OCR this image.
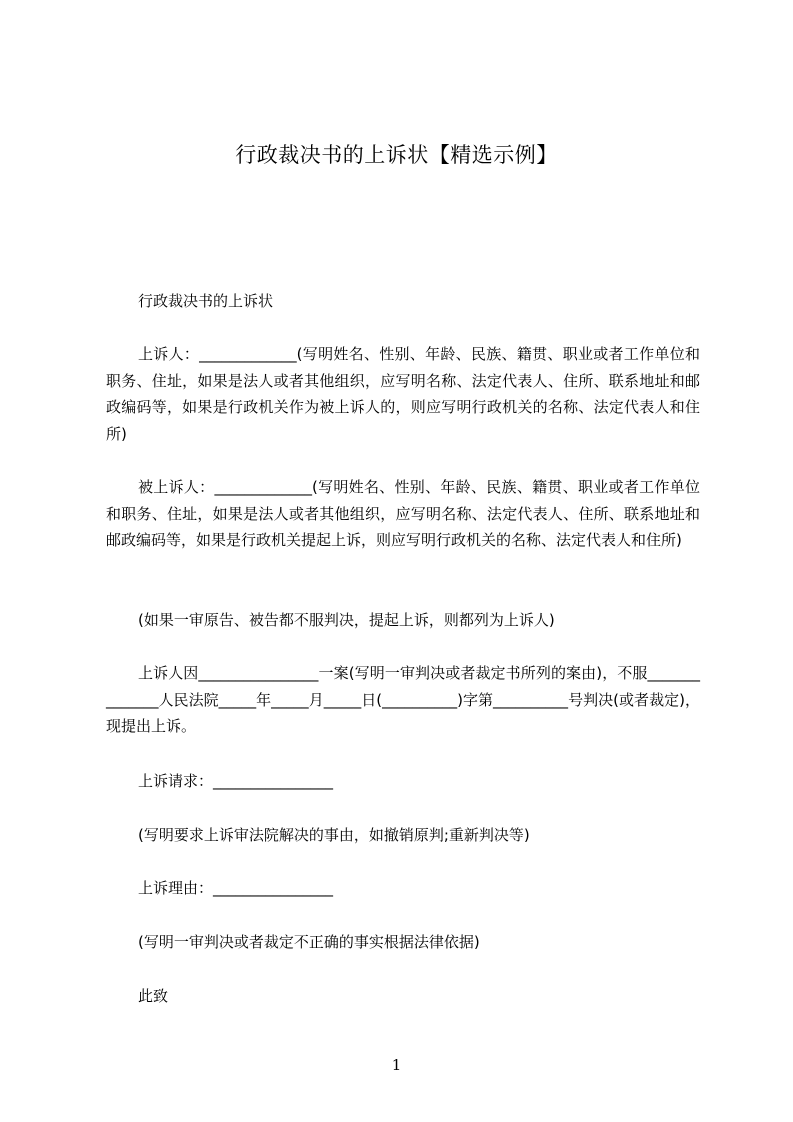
行政裁决书的上诉状【精选示例】

行政裁决书的上诉状

上诉人：_____________(写明姓名、性别、年龄、民族、籍贯、职业或者工作单位和职务、住址，如果是法人或者其他组织，应写明名称、法定代表人、住所、联系地址和邮政编码等，如果是行政机关作为被上诉人的，则应写明行政机关的名称、法定代表人和住所)

被上诉人：_____________(写明姓名、性别、年龄、民族、籍贯、职业或者工作单位和职务、住址，如果是法人或者其他组织，应写明名称、法定代表人、住所、联系地址和邮政编码等，如果是行政机关提起上诉，则应写明行政机关的名称、法定代表人和住所)

(如果一审原告、被告都不服判决，提起上诉，则都列为上诉人)

上诉人因________________一案(写明一审判决或者裁定书所列的案由)，不服______________人民法院_____年_____月_____日(__________)字第__________号判决(或者裁定)，现提出上诉。

上诉请求：________________

(写明要求上诉审法院解决的事由，如撤销原判;重新判决等)

上诉理由：________________

(写明一审判决或者裁定不正确的事实根据法律依据)

此致

1
